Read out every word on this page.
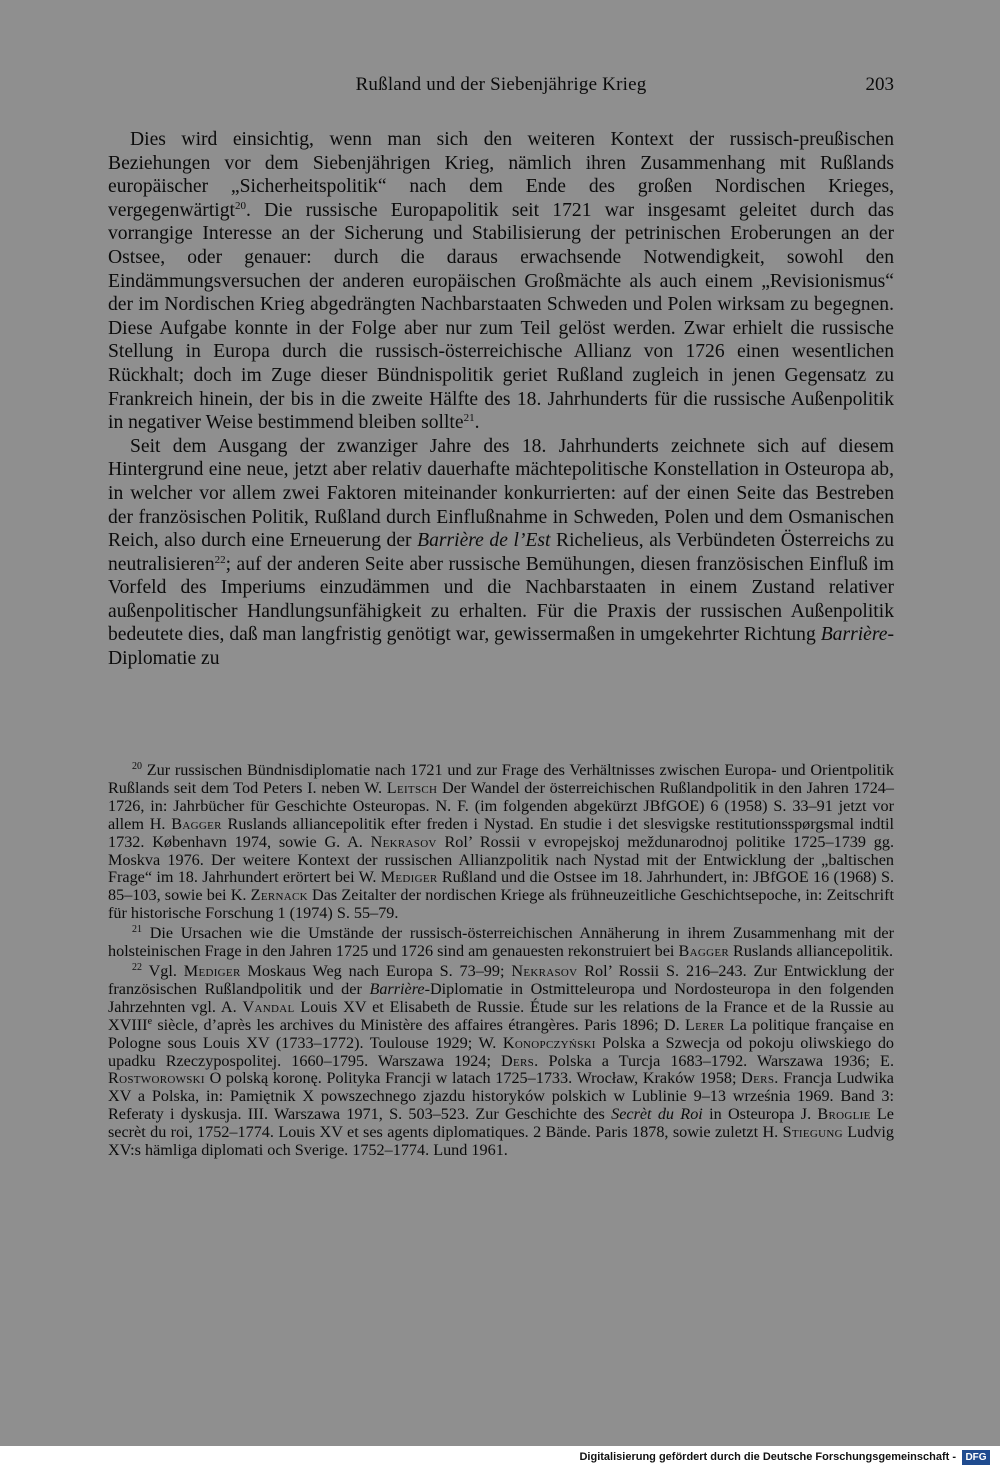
Rußland und der Siebenjährige Krieg	203

Dies wird einsichtig, wenn man sich den weiteren Kontext der russisch-preußischen Beziehungen vor dem Siebenjährigen Krieg, nämlich ihren Zusammenhang mit Rußlands europäischer „Sicherheitspolitik“ nach dem Ende des großen Nordischen Krieges, vergegenwärtigt$^{20}$. Die russische Europapolitik seit 1721 war insgesamt geleitet durch das vorrangige Interesse an der Sicherung und Stabilisierung der petrinischen Eroberungen an der Ostsee, oder genauer: durch die daraus erwachsende Notwendigkeit, sowohl den Eindämmungsversuchen der anderen europäischen Großmächte als auch einem „Revisionismus“ der im Nordischen Krieg abgedrängten Nachbarstaaten Schweden und Polen wirksam zu begegnen. Diese Aufgabe konnte in der Folge aber nur zum Teil gelöst werden. Zwar erhielt die russische Stellung in Europa durch die russisch-österreichische Allianz von 1726 einen wesentlichen Rückhalt; doch im Zuge dieser Bündnispolitik geriet Rußland zugleich in jenen Gegensatz zu Frankreich hinein, der bis in die zweite Hälfte des 18. Jahrhunderts für die russische Außenpolitik in negativer Weise bestimmend bleiben sollte$^{21}$.

Seit dem Ausgang der zwanziger Jahre des 18. Jahrhunderts zeichnete sich auf diesem Hintergrund eine neue, jetzt aber relativ dauerhafte mächtepolitische Konstellation in Osteuropa ab, in welcher vor allem zwei Faktoren miteinander konkurrierten: auf der einen Seite das Bestreben der französischen Politik, Rußland durch Einflußnahme in Schweden, Polen und dem Osmanischen Reich, also durch eine Erneuerung der Barrière de l’Est Richelieus, als Verbündeten Österreichs zu neutralisieren$^{22}$; auf der anderen Seite aber russische Bemühungen, diesen französischen Einfluß im Vorfeld des Imperiums einzudämmen und die Nachbarstaaten in einem Zustand relativer außenpolitischer Handlungsunfähigkeit zu erhalten. Für die Praxis der russischen Außenpolitik bedeutete dies, daß man langfristig genötigt war, gewissermaßen in umgekehrter Richtung Barrière-Diplomatie zu

$^{20}$ Zur russischen Bündnisdiplomatie nach 1721 und zur Frage des Verhältnisses zwischen Europa- und Orientpolitik Rußlands seit dem Tod Peters I. neben W. Leitsch Der Wandel der österreichischen Rußlandpolitik in den Jahren 1724–1726, in: Jahrbücher für Geschichte Osteuropas. N. F. (im folgenden abgekürzt JBfGOE) 6 (1958) S. 33–91 jetzt vor allem H. Bagger Ruslands alliancepolitik efter freden i Nystad. En studie i det slesvigske restitutionsspørgsmal indtil 1732. København 1974, sowie G. A. Nekrasov Rol’ Rossii v evropejskoj meždunarodnoj politike 1725–1739 gg. Moskva 1976. Der weitere Kontext der russischen Allianzpolitik nach Nystad mit der Entwicklung der „baltischen Frage“ im 18. Jahrhundert erörtert bei W. Mediger Rußland und die Ostsee im 18. Jahrhundert, in: JBfGOE 16 (1968) S. 85–103, sowie bei K. Zernack Das Zeitalter der nordischen Kriege als frühneuzeitliche Geschichtsepoche, in: Zeitschrift für historische Forschung 1 (1974) S. 55–79.

$^{21}$ Die Ursachen wie die Umstände der russisch-österreichischen Annäherung in ihrem Zusammenhang mit der holsteinischen Frage in den Jahren 1725 und 1726 sind am genauesten rekonstruiert bei Bagger Ruslands alliancepolitik.

$^{22}$ Vgl. Mediger Moskaus Weg nach Europa S. 73–99; Nekrasov Rol’ Rossii S. 216–243. Zur Entwicklung der französischen Rußlandpolitik und der Barrière-Diplomatie in Ostmitteleuropa und Nordosteuropa in den folgenden Jahrzehnten vgl. A. Vandal Louis XV et Elisabeth de Russie. Étude sur les relations de la France et de la Russie au XVIIIe siècle, d’après les archives du Ministère des affaires étrangères. Paris 1896; D. Lerer La politique française en Pologne sous Louis XV (1733–1772). Toulouse 1929; W. Konopczyński Polska a Szwecja od pokoju oliwskiego do upadku Rzeczypospolitej. 1660–1795. Warszawa 1924; Ders. Polska a Turcja 1683–1792. Warszawa 1936; E. Rostworowski O polską koronę. Polityka Francji w latach 1725–1733. Wrocław, Kraków 1958; Ders. Francja Ludwika XV a Polska, in: Pamiętnik X powszechnego zjazdu historyków polskich w Lublinie 9–13 września 1969. Band 3: Referaty i dyskusja. III. Warszawa 1971, S. 503–523. Zur Geschichte des Secrèt du Roi in Osteuropa J. Broglie Le secrèt du roi, 1752–1774. Louis XV et ses agents diplomatiques. 2 Bände. Paris 1878, sowie zuletzt H. Stiegung Ludvig XV:s hämliga diplomati och Sverige. 1752–1774. Lund 1961.

Digitalisierung gefördert durch die Deutsche Forschungsgemeinschaft - DFG
